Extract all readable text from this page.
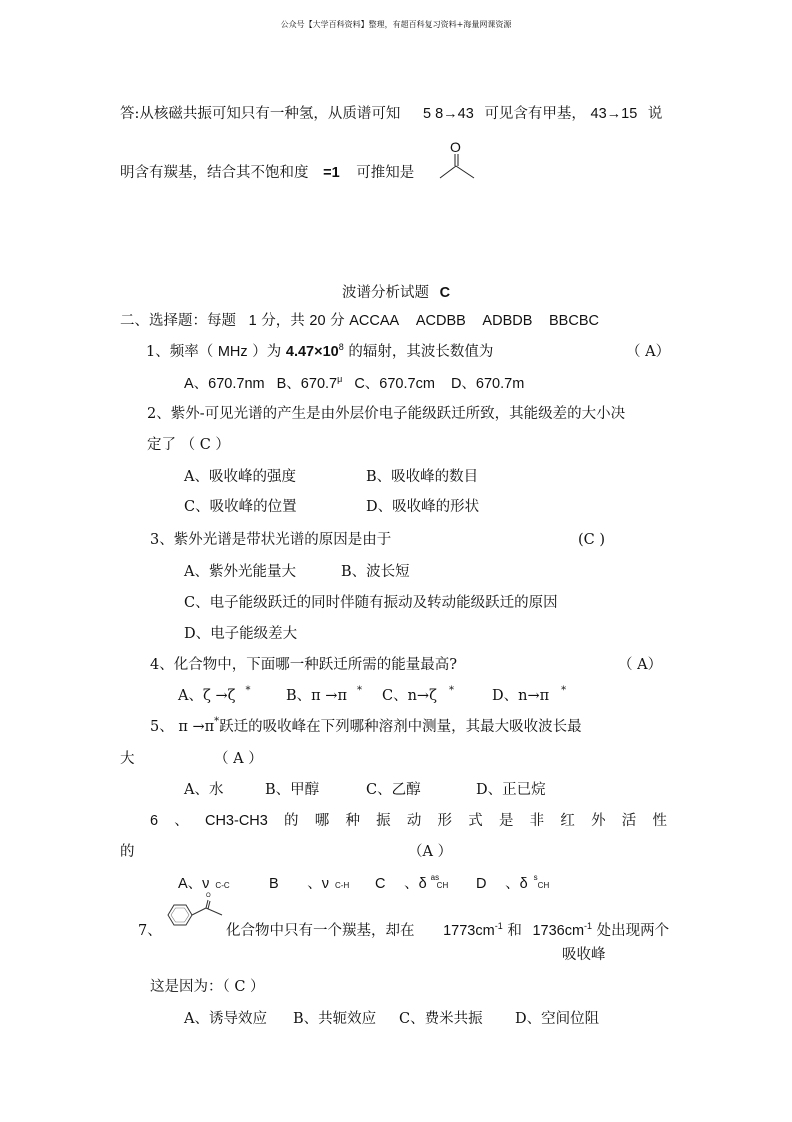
公众号【大学百科资料】整理，有超百科复习资料+海量网课资源
答:从核磁共振可知只有一种氢，从质谱可知 5 8→43 可见含有甲基， 43→15 说
明含有羰基，结合其不饱和度 =1 可推知是
O
波谱分析试题 C
二、选择题：每题 1 分，共 20 分 ACCAA ACDBB ADBDB BBCBC
1、频率（ MHz ）为 $4.47\times 10^8$ 的辐射，其波长数值为	（ A）
A、670.7nm B、$670.7^\mu$ C、670.7cm D、670.7m
2、紫外-可见光谱的产生是由外层价电子能级跃迁所致，其能级差的大小决
定了 （ C ）
A、吸收峰的强度	B、吸收峰的数目
C、吸收峰的位置	D、吸收峰的形状
3、紫外光谱是带状光谱的原因是由于	(C )
A、紫外光能量大	B、波长短
C、电子能级跃迁的同时伴随有振动及转动能级跃迁的原因
D、电子能级差大
4、化合物中，下面哪一种跃迁所需的能量最高?	（ A）
A、ζ →ζ * B、π →π * C、n→ζ *	D、n→π *
5、 π →π*跃迁的吸收峰在下列哪种溶剂中测量，其最大吸收波长最
大	（ A ）
A、水	B、甲醇	C、乙醇	D、正已烷
6 、 CH3-CH3 的 哪 种 振 动 形 式 是 非 红 外 活 性
的	（A ）
A、ν C-C	B 、ν C-H C 、δ as
CH D 、δ s
CH
7、
O
化合物中只有一个羰基，却在 $1773cm^{-1}$ 和 $1736cm^{-1}$ 处出现两个
吸收峰
这是因为：（ C ）
A、诱导效应 B、共轭效应 C、费米共振 D、空间位阻
